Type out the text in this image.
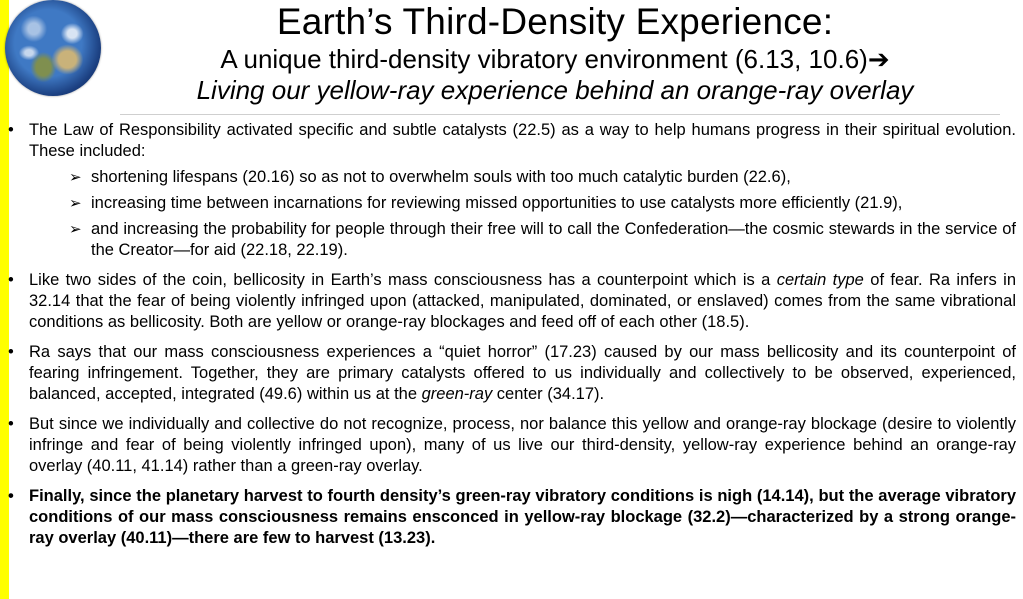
Earth’s Third-Density Experience:
A unique third-density vibratory environment (6.13, 10.6)➔
Living our yellow-ray experience behind an orange-ray overlay
• The Law of Responsibility activated specific and subtle catalysts (22.5) as a way to help humans progress in their spiritual evolution. These included:
➢ shortening lifespans (20.16) so as not to overwhelm souls with too much catalytic burden (22.6),
➢ increasing time between incarnations for reviewing missed opportunities to use catalysts more efficiently (21.9),
➢ and increasing the probability for people through their free will to call the Confederation—the cosmic stewards in the service of the Creator—for aid (22.18, 22.19).
• Like two sides of the coin, bellicosity in Earth’s mass consciousness has a counterpoint which is a certain type of fear. Ra infers in 32.14 that the fear of being violently infringed upon (attacked, manipulated, dominated, or enslaved) comes from the same vibrational conditions as bellicosity. Both are yellow or orange-ray blockages and feed off of each other (18.5).
• Ra says that our mass consciousness experiences a “quiet horror” (17.23) caused by our mass bellicosity and its counterpoint of fearing infringement. Together, they are primary catalysts offered to us individually and collectively to be observed, experienced, balanced, accepted, integrated (49.6) within us at the green-ray center (34.17).
• But since we individually and collective do not recognize, process, nor balance this yellow and orange-ray blockage (desire to violently infringe and fear of being violently infringed upon), many of us live our third-density, yellow-ray experience behind an orange-ray overlay (40.11, 41.14) rather than a green-ray overlay.
• Finally, since the planetary harvest to fourth density’s green-ray vibratory conditions is nigh (14.14), but the average vibratory conditions of our mass consciousness remains ensconced in yellow-ray blockage (32.2)—characterized by a strong orange-ray overlay (40.11)—there are few to harvest (13.23).
